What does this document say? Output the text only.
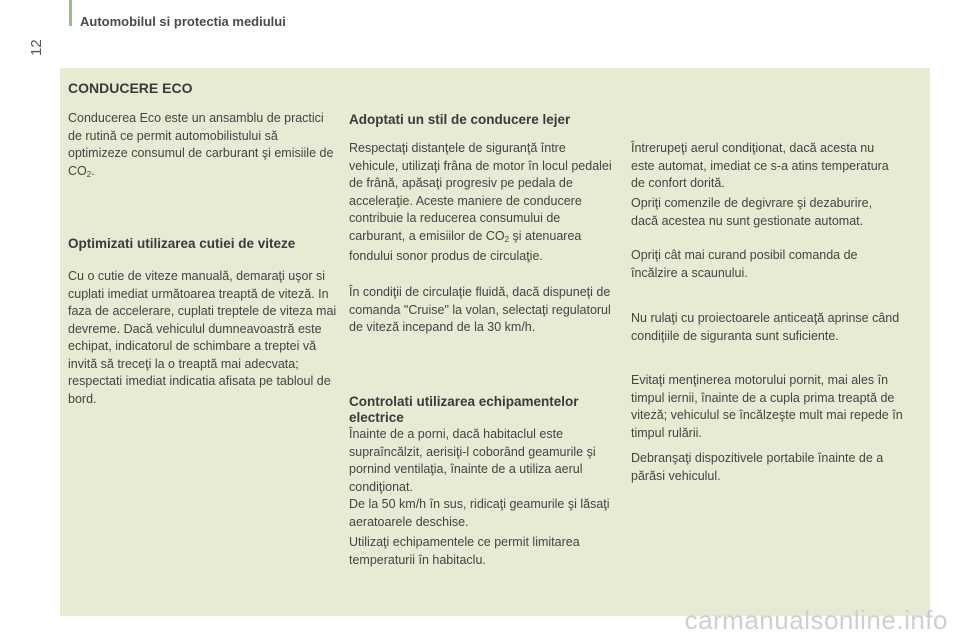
Automobilul si protectia mediului
12
CONDUCERE ECO
Conducerea Eco este un ansamblu de practici de rutină ce permit automobilistului să optimizeze consumul de carburant şi emisiile de $CO_2$.
Optimizati utilizarea cutiei de viteze
Cu o cutie de viteze manuală, demaraţi uşor si cuplati imediat următoarea treaptă de viteză. In faza de accelerare, cuplati treptele de viteza mai devreme. Dacă vehiculul dumneavoastră este echipat, indicatorul de schimbare a treptei vă invită să treceţi la o treaptă mai adecvata; respectati imediat indicatia afisata pe tabloul de bord.
Adoptati un stil de conducere lejer
Respectaţi distanţele de siguranţă între vehicule, utilizaţi frâna de motor în locul pedalei de frână, apăsaţi progresiv pe pedala de acceleraţie. Aceste maniere de conducere contribuie la reducerea consumului de carburant, a emisiilor de $CO_2$ şi atenuarea fondului sonor produs de circulaţie.
În condiţii de circulaţie fluidă, dacă dispuneţi de comanda "Cruise" la volan, selectaţi regulatorul de viteză incepand de la 30 km/h.
Controlati utilizarea echipamentelor electrice
Înainte de a porni, dacă habitaclul este supraîncălzit, aerisiţi-l coborând geamurile şi pornind ventilaţia, înainte de a utiliza aerul condiţionat.
De la 50 km/h în sus, ridicaţi geamurile şi lăsaţi aeratoarele deschise.
Utilizaţi echipamentele ce permit limitarea temperaturii în habitaclu.
Întrerupeţi aerul condiţionat, dacă acesta nu este automat, imediat ce s-a atins temperatura de confort dorită.
Opriţi comenzile de degivrare şi dezaburire, dacă acestea nu sunt gestionate automat.
Opriţi cât mai curand posibil comanda de încălzire a scaunului.
Nu rulaţi cu proiectoarele anticeaţă aprinse când condiţiile de siguranta sunt suficiente.
Evitaţi menţinerea motorului pornit, mai ales în timpul iernii, înainte de a cupla prima treaptă de viteză; vehiculul se încălzeşte mult mai repede în timpul rulării.
Debranşaţi dispozitivele portabile înainte de a părăsi vehiculul.
carmanualsonline.info
